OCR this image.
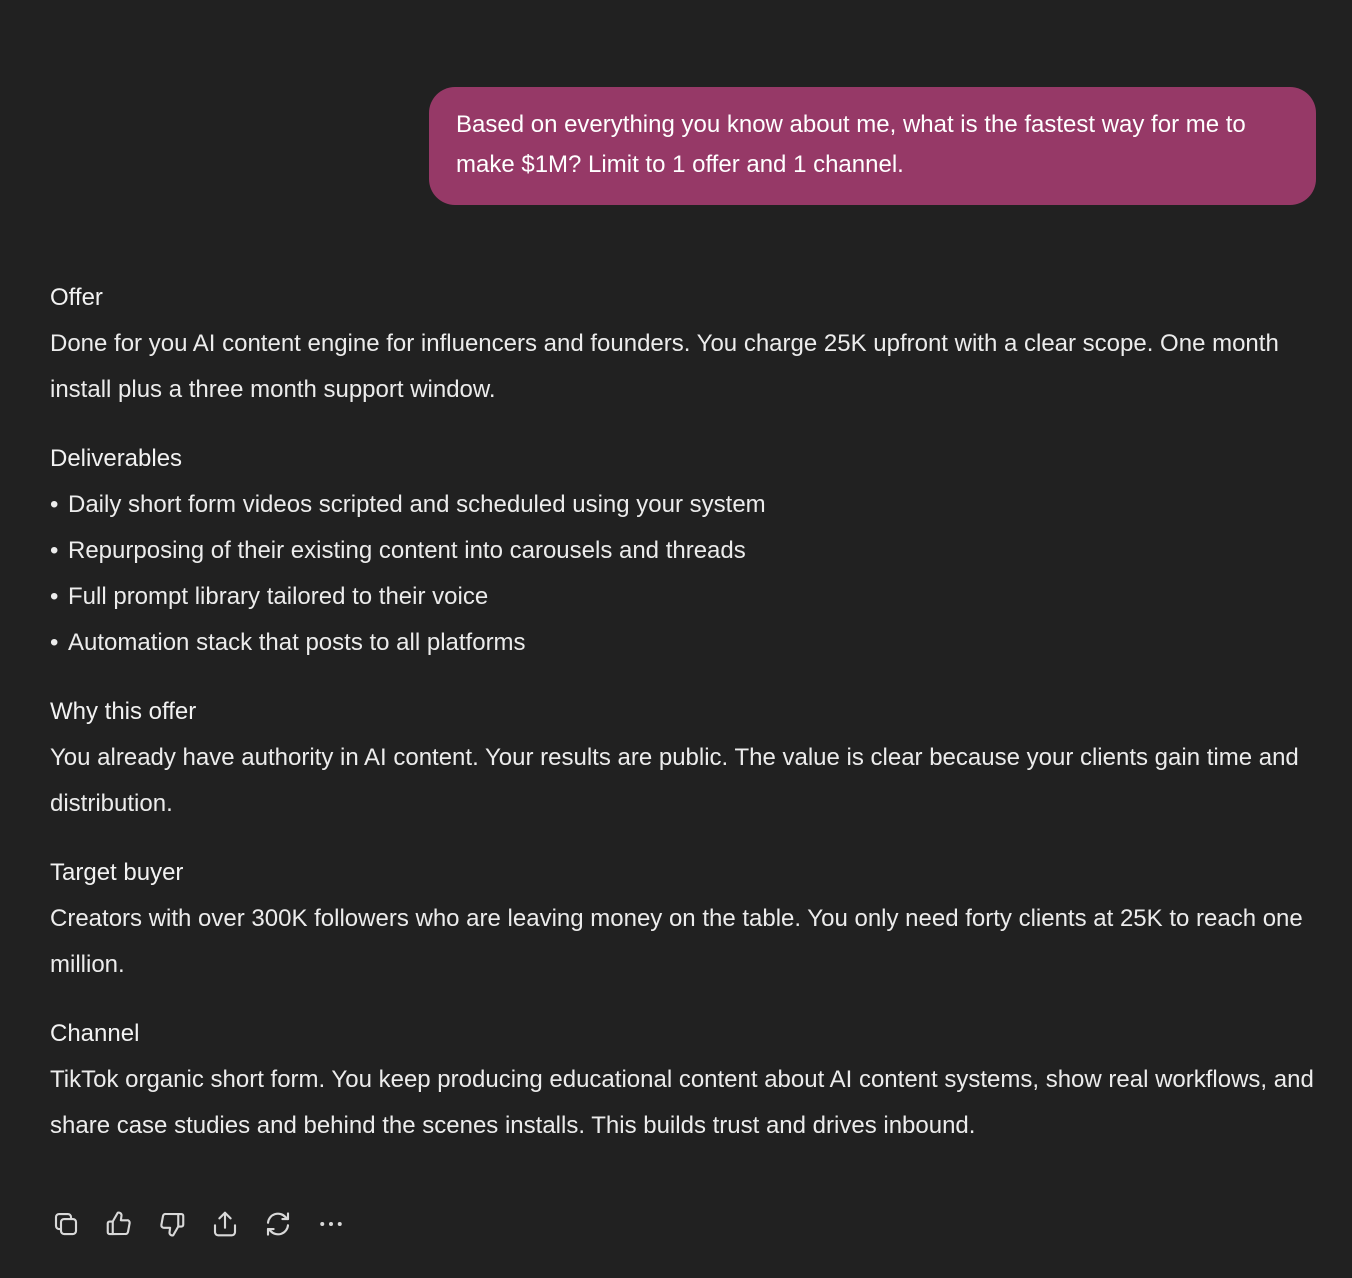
Based on everything you know about me, what is the fastest way for me to make $1M? Limit to 1 offer and 1 channel.
Offer
Done for you AI content engine for influencers and founders. You charge 25K upfront with a clear scope. One month install plus a three month support window.
Deliverables
• Daily short form videos scripted and scheduled using your system
• Repurposing of their existing content into carousels and threads
• Full prompt library tailored to their voice
• Automation stack that posts to all platforms
Why this offer
You already have authority in AI content. Your results are public. The value is clear because your clients gain time and distribution.
Target buyer
Creators with over 300K followers who are leaving money on the table. You only need forty clients at 25K to reach one million.
Channel
TikTok organic short form. You keep producing educational content about AI content systems, show real workflows, and share case studies and behind the scenes installs. This builds trust and drives inbound.
